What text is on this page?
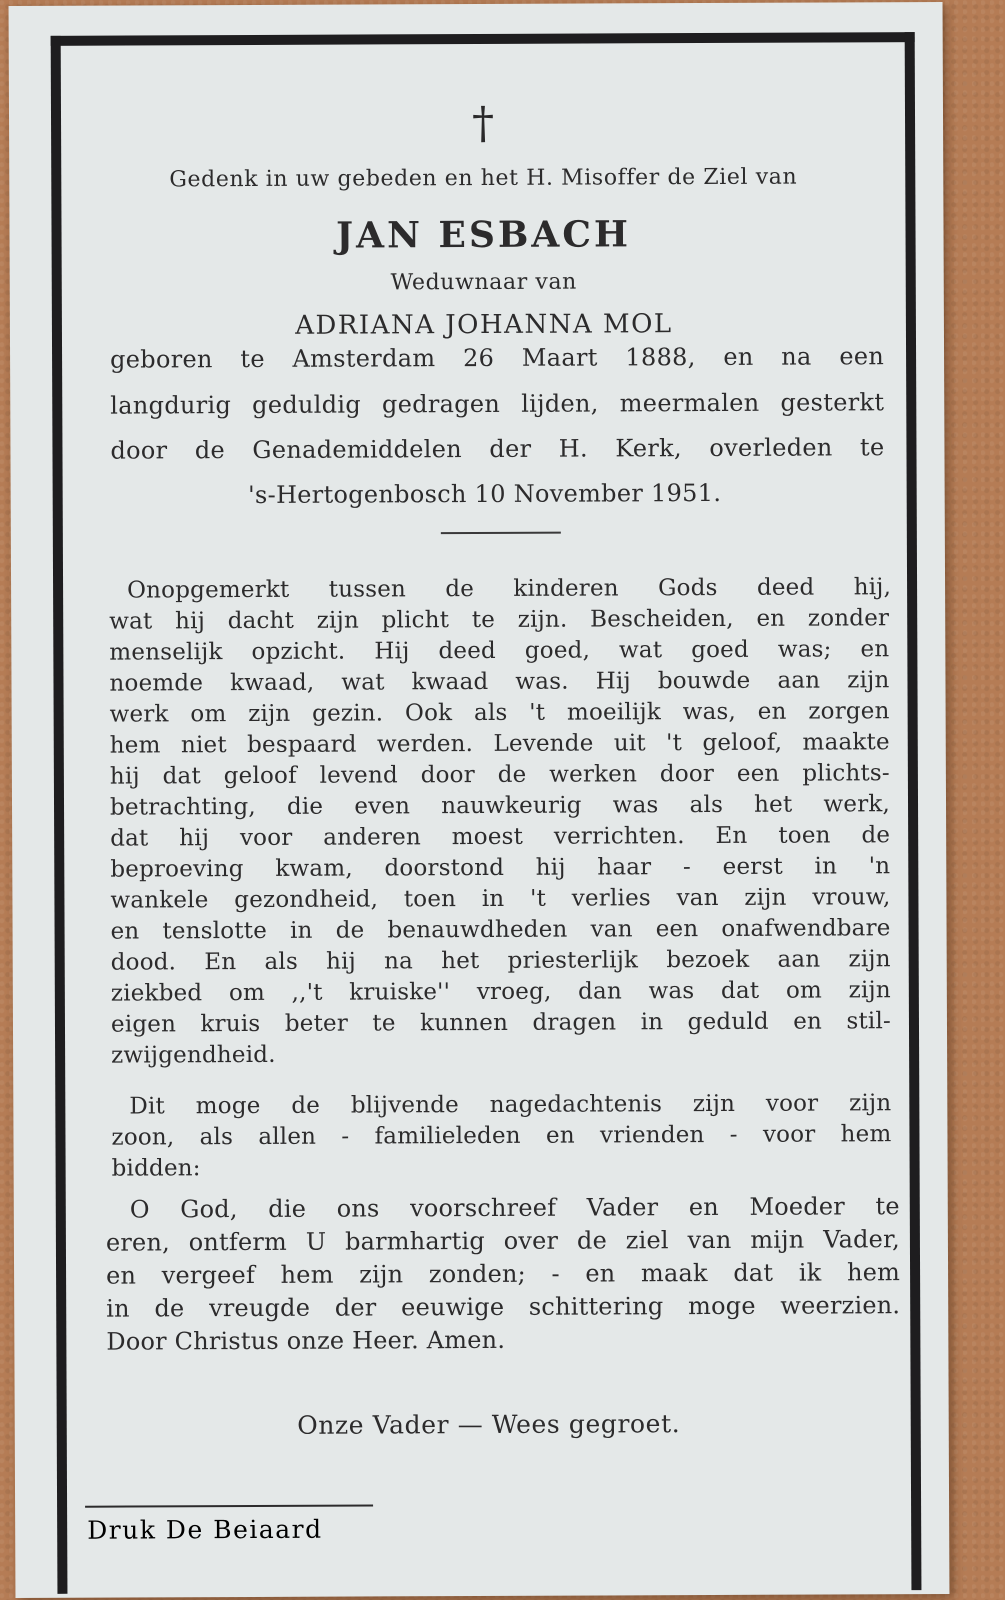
†
Gedenk in uw gebeden en het H. Misoffer de Ziel van
JAN ESBACH
Weduwnaar van
ADRIANA JOHANNA MOL
geboren te Amsterdam 26 Maart 1888, en na een
langdurig geduldig gedragen lijden, meermalen gesterkt
door de Genademiddelen der H. Kerk, overleden te
's-Hertogenbosch 10 November 1951.
Onopgemerkt tussen de kinderen Gods deed hij,
wat hij dacht zijn plicht te zijn. Bescheiden, en zonder
menselijk opzicht. Hij deed goed, wat goed was; en
noemde kwaad, wat kwaad was. Hij bouwde aan zijn
werk om zijn gezin. Ook als 't moeilijk was, en zorgen
hem niet bespaard werden. Levende uit 't geloof, maakte
hij dat geloof levend door de werken door een plichts-
betrachting, die even nauwkeurig was als het werk,
dat hij voor anderen moest verrichten. En toen de
beproeving kwam, doorstond hij haar - eerst in 'n
wankele gezondheid, toen in 't verlies van zijn vrouw,
en tenslotte in de benauwdheden van een onafwendbare
dood. En als hij na het priesterlijk bezoek aan zijn
ziekbed om ,,'t kruiske'' vroeg, dan was dat om zijn
eigen kruis beter te kunnen dragen in geduld en stil-
zwijgendheid.
Dit moge de blijvende nagedachtenis zijn voor zijn
zoon, als allen - familieleden en vrienden - voor hem
bidden:
O God, die ons voorschreef Vader en Moeder te
eren, ontferm U barmhartig over de ziel van mijn Vader,
en vergeef hem zijn zonden; - en maak dat ik hem
in de vreugde der eeuwige schittering moge weerzien.
Door Christus onze Heer. Amen.
Onze Vader — Wees gegroet.
Druk De Beiaard
